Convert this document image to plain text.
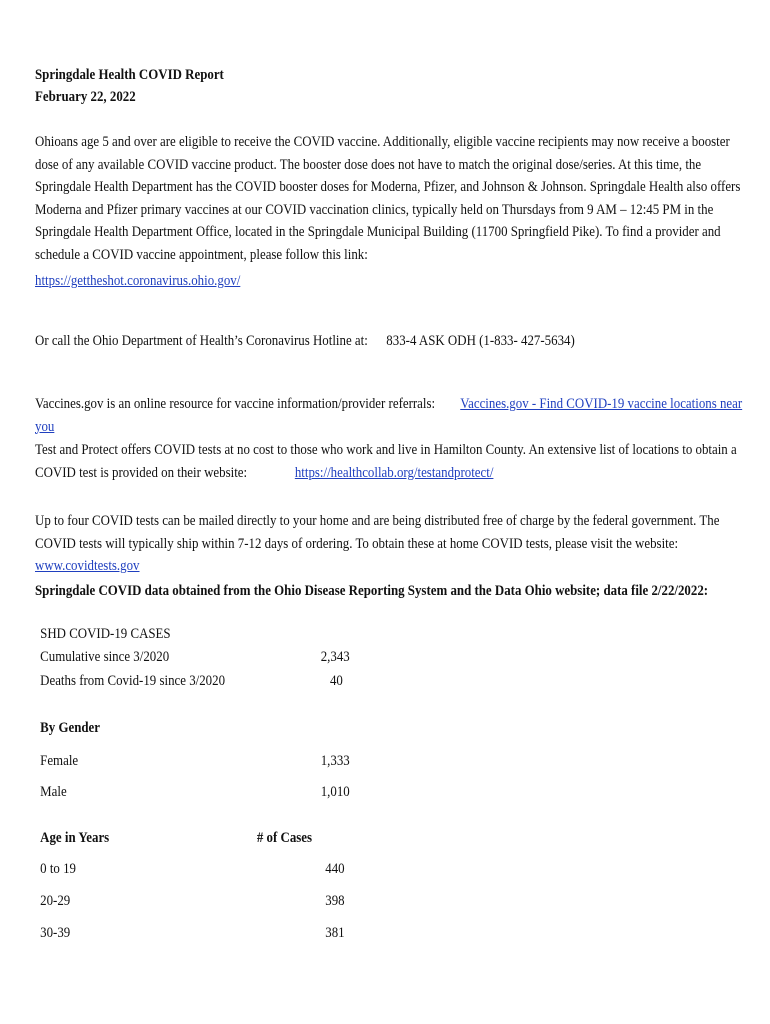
Springdale Health COVID Report
February 22, 2022
Ohioans age 5 and over are eligible to receive the COVID vaccine. Additionally, eligible vaccine recipients may now receive a booster dose of any available COVID vaccine product. The booster dose does not have to match the original dose/series. At this time, the Springdale Health Department has the COVID booster doses for Moderna, Pfizer, and Johnson & Johnson. Springdale Health also offers Moderna and Pfizer primary vaccines at our COVID vaccination clinics, typically held on Thursdays from 9 AM – 12:45 PM in the Springdale Health Department Office, located in the Springdale Municipal Building (11700 Springfield Pike). To find a provider and schedule a COVID vaccine appointment, please follow this link:
https://gettheshot.coronavirus.ohio.gov/
Or call the Ohio Department of Health’s Coronavirus Hotline at: 833-4 ASK ODH (1-833- 427-5634)
Vaccines.gov is an online resource for vaccine information/provider referrals: Vaccines.gov - Find COVID-19 vaccine locations near you
Test and Protect offers COVID tests at no cost to those who work and live in Hamilton County. An extensive list of locations to obtain a COVID test is provided on their website:	https://healthcollab.org/testandprotect/
Up to four COVID tests can be mailed directly to your home and are being distributed free of charge by the federal government. The COVID tests will typically ship within 7-12 days of ordering. To obtain these at home COVID tests, please visit the website:  www.covidtests.gov
Springdale COVID data obtained from the Ohio Disease Reporting System and the Data Ohio website; data file 2/22/2022:
SHD COVID-19 CASES
Cumulative since 3/2020	2,343
Deaths from Covid-19 since 3/2020	40
By Gender
Female	1,333
Male	1,010
Age in Years	# of Cases
0 to 19	440
20-29	398
30-39	381
